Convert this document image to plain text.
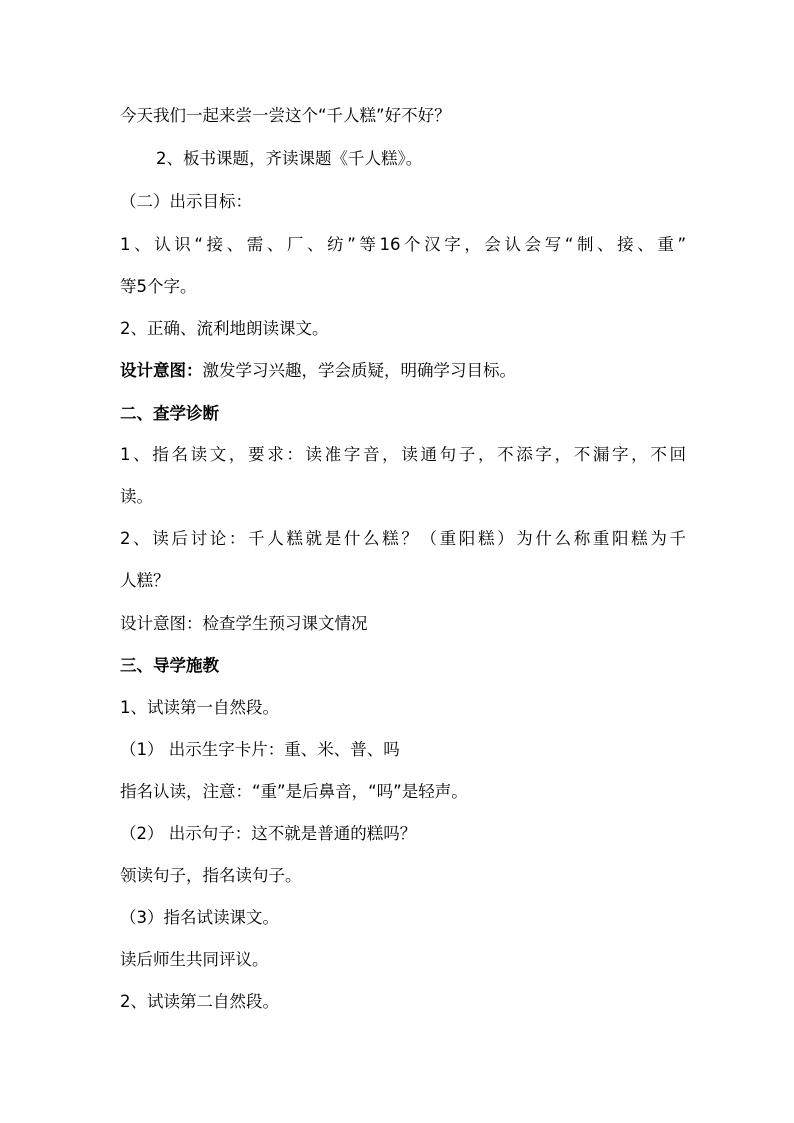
今天我们一起来尝一尝这个“千人糕”好不好？
2、板书课题，齐读课题《千人糕》。
（二）出示目标：
1、认识“接、需、厂、纺”等16个汉字，会认会写“制、接、重”
等5个字。
2、正确、流利地朗读课文。
设计意图：激发学习兴趣，学会质疑，明确学习目标。
二、查学诊断
1、指名读文，要求：读准字音，读通句子，不添字，不漏字，不回
读。
2、读后讨论：千人糕就是什么糕？（重阳糕）为什么称重阳糕为千
人糕？
设计意图：检查学生预习课文情况
三、导学施教
1、试读第一自然段。
（1） 出示生字卡片：重、米、普、吗
指名认读，注意：“重”是后鼻音，“吗”是轻声。
（2） 出示句子：这不就是普通的糕吗？
领读句子，指名读句子。
（3）指名试读课文。
读后师生共同评议。
2、试读第二自然段。
